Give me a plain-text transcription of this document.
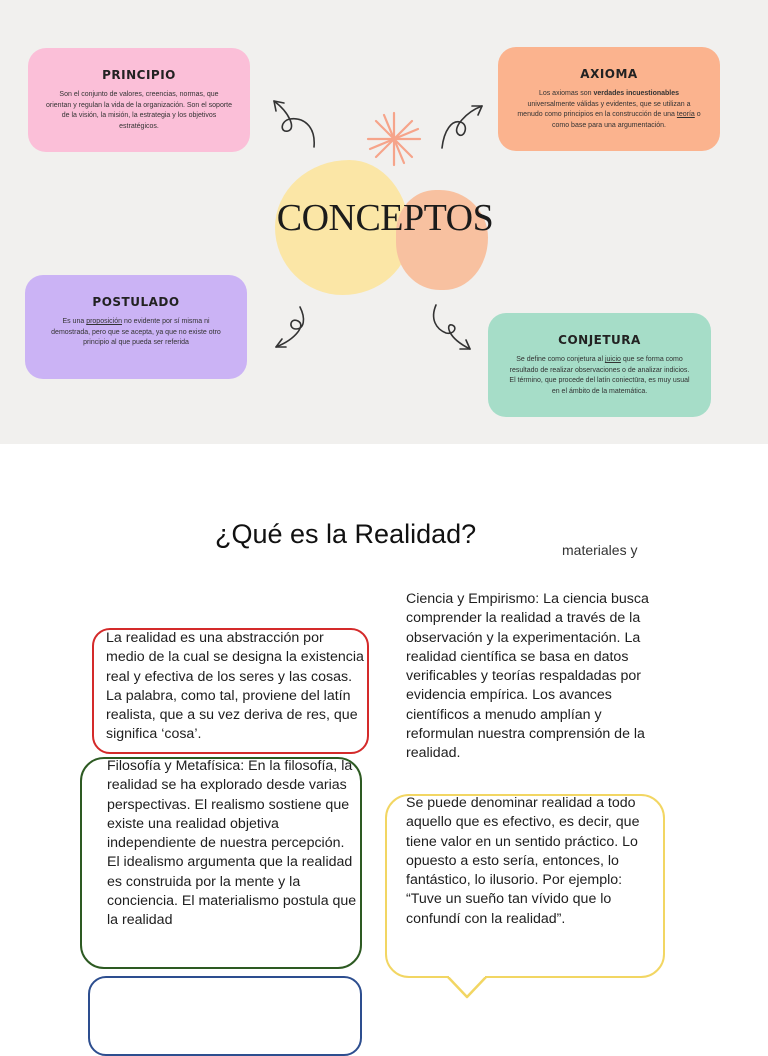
CONCEPTOS
PRINCIPIO
Son el conjunto de valores, creencias, normas, que orientan y regulan la vida de la organización. Son el soporte de la visión, la misión, la estrategia y los objetivos estratégicos.
AXIOMA
Los axiomas son verdades incuestionables universalmente válidas y evidentes, que se utilizan a menudo como principios en la construcción de una teoría o como base para una argumentación.
POSTULADO
Es una proposición no evidente por sí misma ni demostrada, pero que se acepta, ya que no existe otro principio al que pueda ser referida	CONJETURA
Se define como conjetura al juicio que se forma como resultado de realizar observaciones o de analizar indicios. El término, que procede del latín coniectūra, es muy usual en el ámbito de la matemática.
¿Qué es la Realidad?
materiales y
Ciencia y Empirismo: La ciencia busca comprender la realidad a través de la observación y la experimentación. La realidad científica se basa en datos verificables y teorías respaldadas por evidencia empírica. Los avances científicos a menudo amplían y reformulan nuestra comprensión de la realidad.
La realidad es una abstracción por medio de la cual se designa la existencia real y efectiva de los seres y las cosas. La palabra, como tal, proviene del latín realista, que a su vez deriva de res, que significa ‘cosa’.
Filosofía y Metafísica: En la filosofía, la realidad se ha explorado desde varias perspectivas. El realismo sostiene que existe una realidad objetiva independiente de nuestra percepción. El idealismo argumenta que la realidad es construida por la mente y la conciencia. El materialismo postula que la realidad
Se puede denominar realidad a todo aquello que es efectivo, es decir, que tiene valor en un sentido práctico. Lo opuesto a esto sería, entonces, lo fantástico, lo ilusorio. Por ejemplo: “Tuve un sueño tan vívido que lo confundí con la realidad”.
